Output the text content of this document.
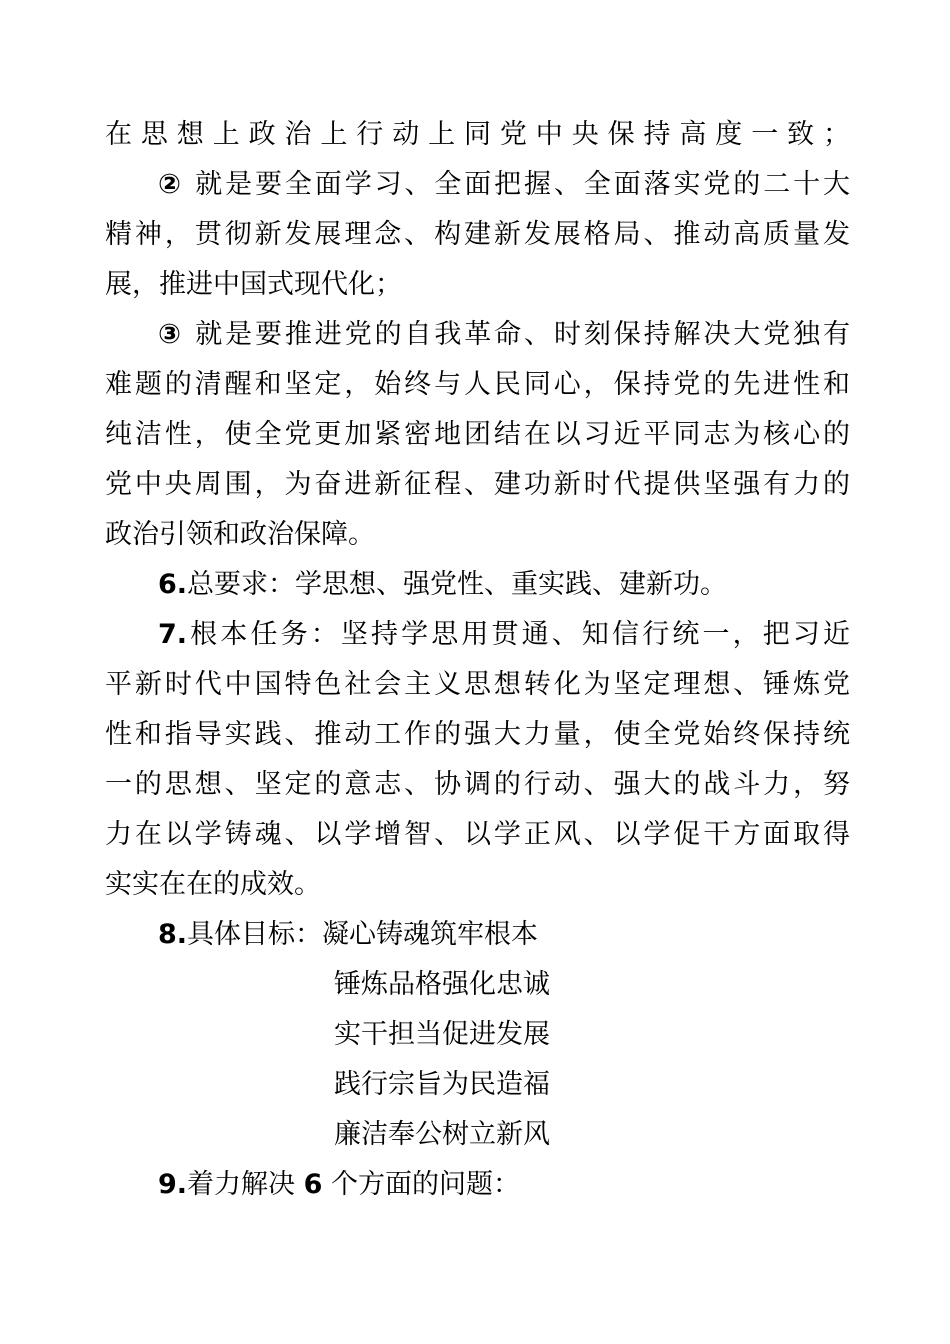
在思想上政治上行动上同党中央保持高度一致；
② 就是要全面学习、全面把握、全面落实党的二十大
精神，贯彻新发展理念、构建新发展格局、推动高质量发
展，推进中国式现代化；
③ 就是要推进党的自我革命、时刻保持解决大党独有
难题的清醒和坚定，始终与人民同心，保持党的先进性和
纯洁性，使全党更加紧密地团结在以习近平同志为核心的
党中央周围，为奋进新征程、建功新时代提供坚强有力的
政治引领和政治保障。
6.总要求：学思想、强党性、重实践、建新功。
7.根本任务：坚持学思用贯通、知信行统一，把习近
平新时代中国特色社会主义思想转化为坚定理想、锤炼党
性和指导实践、推动工作的强大力量，使全党始终保持统
一的思想、坚定的意志、协调的行动、强大的战斗力，努
力在以学铸魂、以学增智、以学正风、以学促干方面取得
实实在在的成效。
8.具体目标：凝心铸魂筑牢根本
锤炼品格强化忠诚
实干担当促进发展
践行宗旨为民造福
廉洁奉公树立新风
9.着力解决 6 个方面的问题：
